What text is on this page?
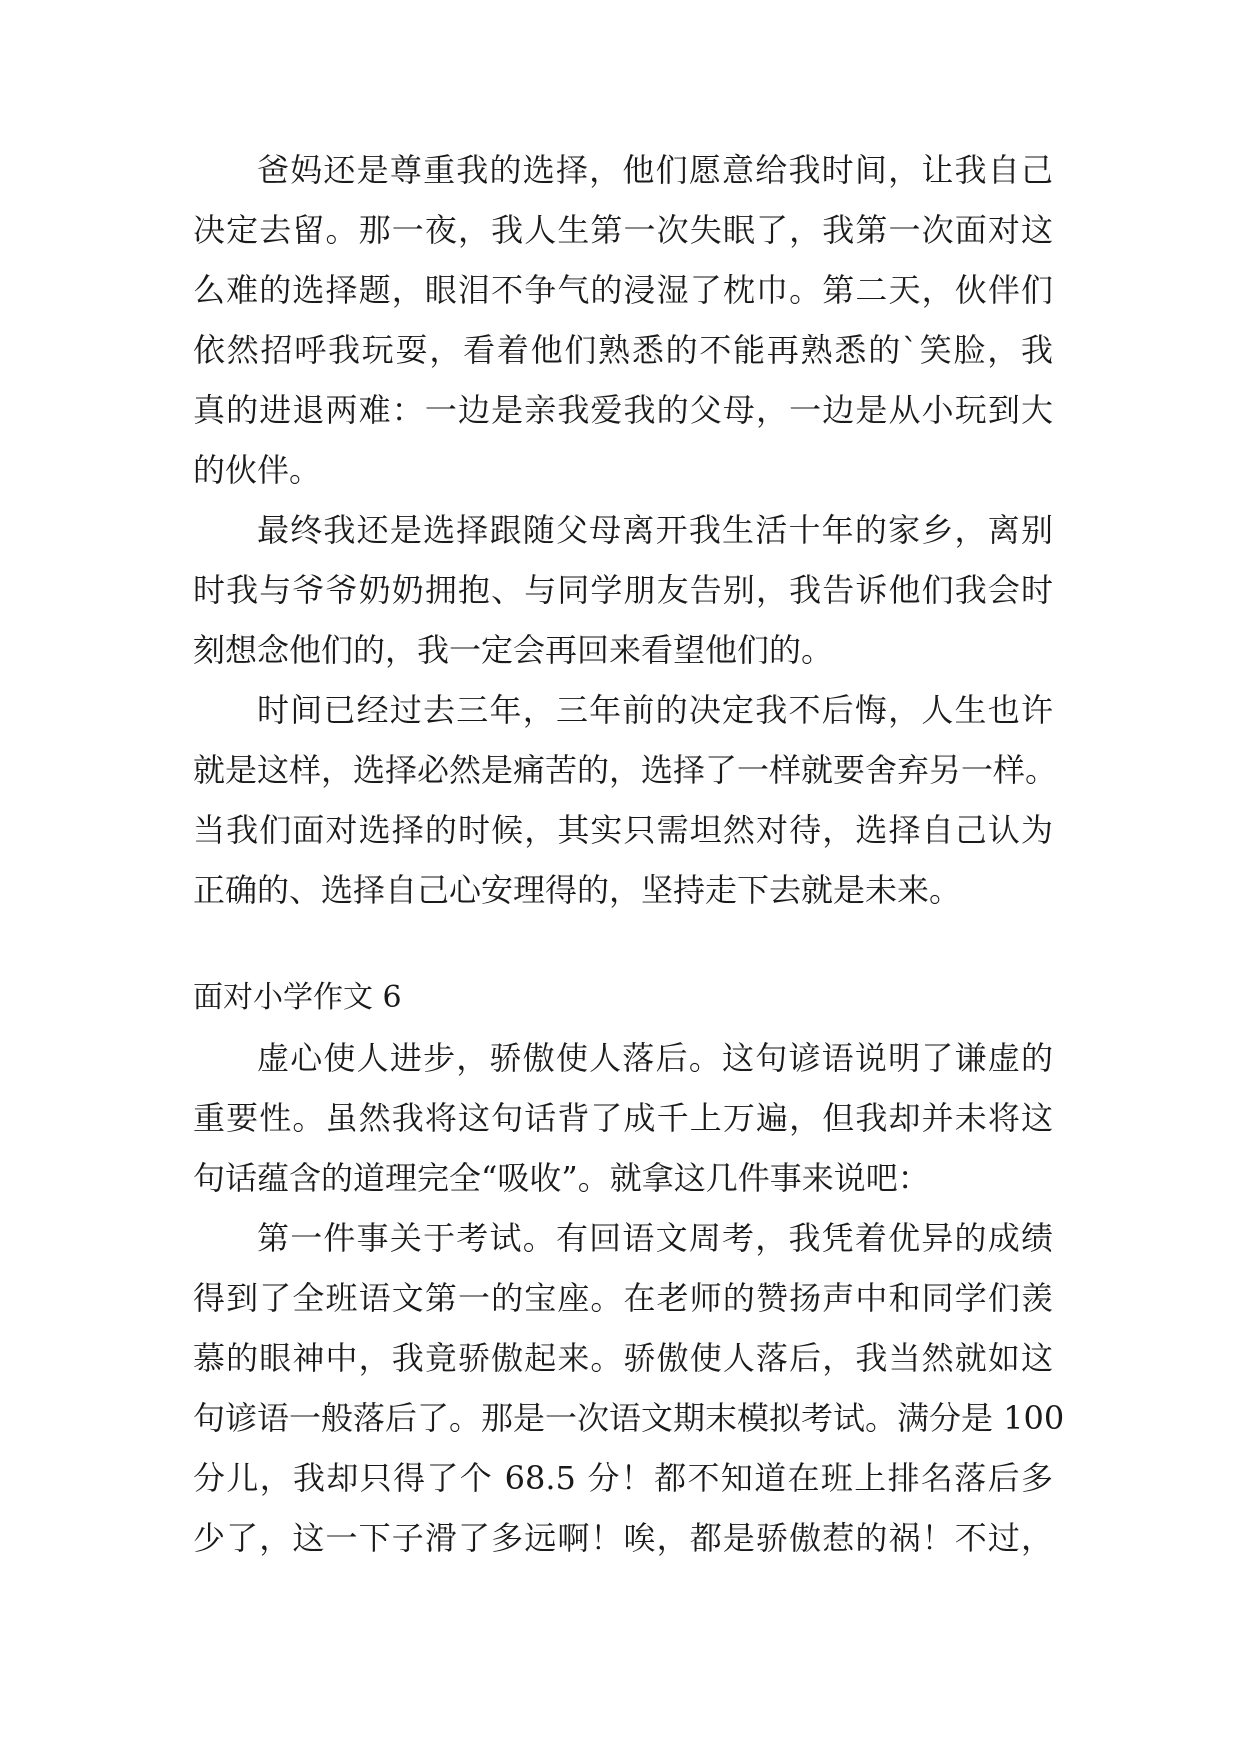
爸妈还是尊重我的选择，他们愿意给我时间，让我自己
决定去留。那一夜，我人生第一次失眠了，我第一次面对这
么难的选择题，眼泪不争气的浸湿了枕巾。第二天，伙伴们
依然招呼我玩耍，看着他们熟悉的不能再熟悉的`笑脸，我
真的进退两难：一边是亲我爱我的父母，一边是从小玩到大
的伙伴。
最终我还是选择跟随父母离开我生活十年的家乡，离别
时我与爷爷奶奶拥抱、与同学朋友告别，我告诉他们我会时
刻想念他们的，我一定会再回来看望他们的。
时间已经过去三年，三年前的决定我不后悔，人生也许
就是这样，选择必然是痛苦的，选择了一样就要舍弃另一样。
当我们面对选择的时候，其实只需坦然对待，选择自己认为
正确的、选择自己心安理得的，坚持走下去就是未来。
面对小学作文 6
虚心使人进步，骄傲使人落后。这句谚语说明了谦虚的
重要性。虽然我将这句话背了成千上万遍，但我却并未将这
句话蕴含的道理完全“吸收”。就拿这几件事来说吧：
第一件事关于考试。有回语文周考，我凭着优异的成绩
得到了全班语文第一的宝座。在老师的赞扬声中和同学们羡
慕的眼神中，我竟骄傲起来。骄傲使人落后，我当然就如这
句谚语一般落后了。那是一次语文期末模拟考试。满分是 100
分儿，我却只得了个 68.5 分！都不知道在班上排名落后多
少了，这一下子滑了多远啊！唉，都是骄傲惹的祸！不过，
